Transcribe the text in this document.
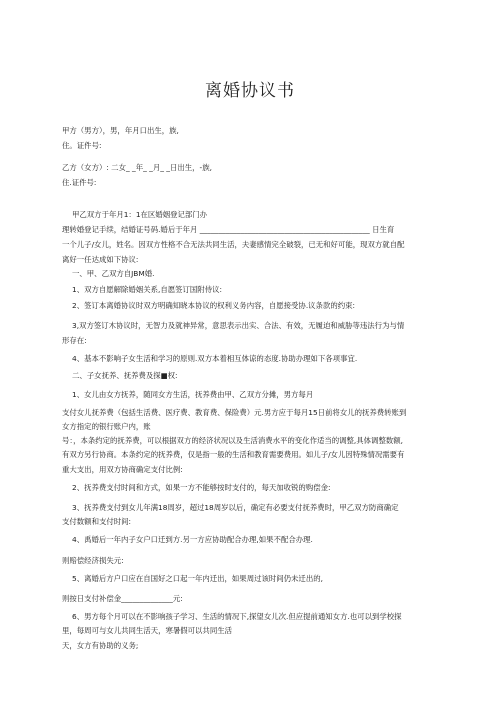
离婚协议书
甲方（男方），男，年月口出生，族,
住。证件号:
乙方（女方）: 二女_ _年_ _月_ _日出生，-族,
住.证件号:
甲乙双方于年月1：1在区婚姻登记部门办
理转婚登记手续，结婚证号码.婚后于年月 ______________________________________________ 日生育
一个儿子/女儿，姓名。因双方性格不合无法共同生活，夫妻感情完全破裂，已无和好可能，现双方就自配
离好一任达成如下协议:
一、甲、乙双方自JBM婚.
1、双方自愿解除婚姻关系,自愿签订国附侍议:
2、签订本离婚协议时双方明确知晓本协议的权利义务内容，自愿接受协.议条款的约束:
3,双方签订木协议时，无智力及就神异常，意思表示出实、合法、有效，无履迫和威胁等违法行为与情
形存在:
4、基本不影响子女生活和学习的原则.双方本着相互体谅的态度.协助办理如下各项事宜.
二、子女抚养、抚养费及探■权:
1、女儿由女方抚养，随同女方生活，抚养费由甲、乙双方分摊，男方每月
支付女儿抚养费（包括生活费、医疗费、教育费、保险费）元.男方应于每月15日前将女儿的抚养费转账到
女方指定的银行账户内，账
号：，本条约定的抚养费，可以根据双方的经济状况以及生活消费水平的变化作适当的调整,具体调整数额,
有双方另行协商。本条约定的抚养费，仅是指一般的生活和教育需要费用。如儿子/女儿因特殊情况需要有
重大支出，用双方协商确定支付比例:
2、抚养费支付时间和方式，如果一方不能够按时支付的，每天加收锐的购偿金:
3、抚养费支付到女儿年满18周岁，超过18周岁以后，确定有必要支付抚养费时，甲乙双方防商确定
支付数额和支付时间:
4、禹婚后一年内子女户口迁到方.另一方应协助配合办理,如果不配合办理.
则赔偿经济损失元:
5、离婚后方户口应在自国好之口起一年内迁出，如果周过该时间仍未迁出的,
则按日支付补偿金______________元:
6、男方每个月可以在不影响孩子学习、生活的情况下,探望女儿次.但应提前通知女方.也可以到学校探
里，每周可与女儿共同生活天，寒暑假可以共同生活
天，女方有协助的义务;
